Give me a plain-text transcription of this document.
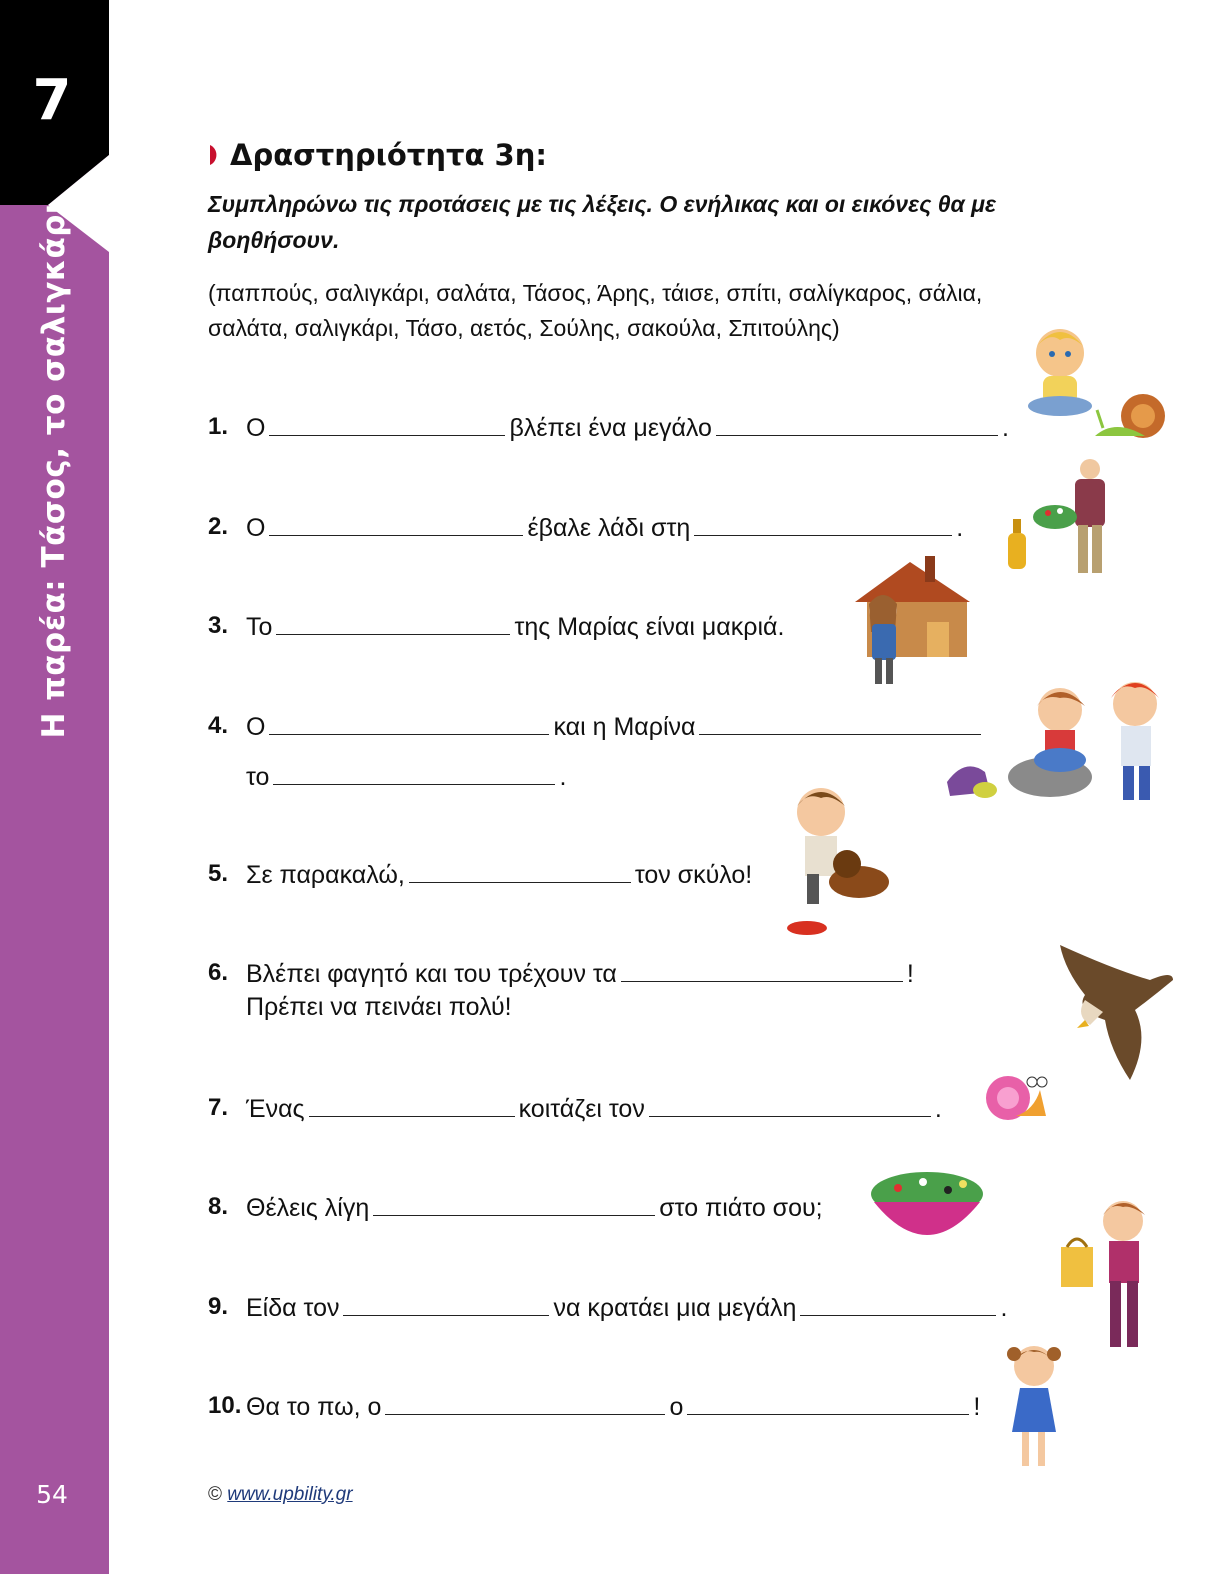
7
Η παρέα: Τάσος, το σαλιγκάρι
54
Δραστηριότητα 3η:
Συμπληρώνω τις προτάσεις με τις λέξεις. Ο ενήλικας και οι εικόνες θα με βοηθήσουν.
(παππούς, σαλιγκάρι, σαλάτα, Τάσος, Άρης, τάισε, σπίτι, σαλίγκαρος, σάλια,
σαλάτα, σαλιγκάρι, Τάσο, αετός, Σούλης, σακούλα, Σπιτούλης)
1. Ο	βλέπει ένα μεγάλο	.
2. Ο	έβαλε λάδι στη	.
3. Το	της Μαρίας είναι μακριά.
4. Ο	και η Μαρίνα
το	.
5. Σε παρακαλώ,	τον σκύλο!
6. Βλέπει φαγητό και του τρέχουν τα	!
Πρέπει να πεινάει πολύ!
7. Ένας	κοιτάζει τον	.
8. Θέλεις λίγη	στο πιάτο σου;
9. Είδα τον	να κρατάει μια μεγάλη	.
10. Θα το πω, ο	ο	!
© www.upbility.gr
